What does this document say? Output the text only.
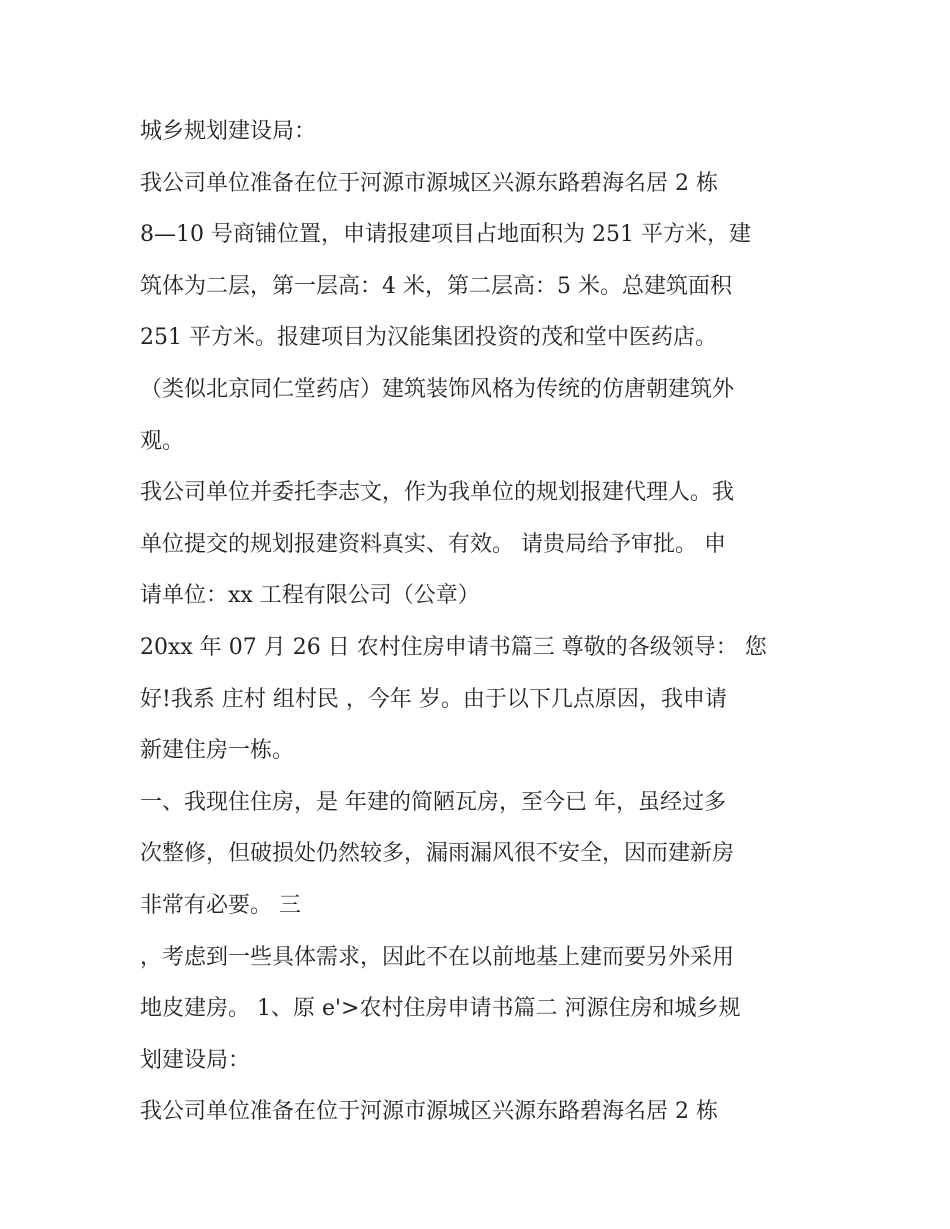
城乡规划建设局：

我公司单位准备在位于河源市源城区兴源东路碧海名居 2 栋

8—10 号商铺位置，申请报建项目占地面积为 251 平方米，建

筑体为二层，第一层高：4 米，第二层高：5 米。总建筑面积

251 平方米。报建项目为汉能集团投资的茂和堂中医药店。

（类似北京同仁堂药店）建筑装饰风格为传统的仿唐朝建筑外

观。

我公司单位并委托李志文，作为我单位的规划报建代理人。我

单位提交的规划报建资料真实、有效。 请贵局给予审批。 申

请单位：xx 工程有限公司（公章）

20xx 年 07 月 26 日 农村住房申请书篇三 尊敬的各级领导： 您

好!我系 庄村 组村民 ，今年 岁。由于以下几点原因，我申请

新建住房一栋。

一、我现住住房，是 年建的简陋瓦房，至今已 年，虽经过多

次整修，但破损处仍然较多，漏雨漏风很不安全，因而建新房

非常有必要。 三

，考虑到一些具体需求，因此不在以前地基上建而要另外采用

地皮建房。 1、原 e'>农村住房申请书篇二 河源住房和城乡规

划建设局：

我公司单位准备在位于河源市源城区兴源东路碧海名居 2 栋
